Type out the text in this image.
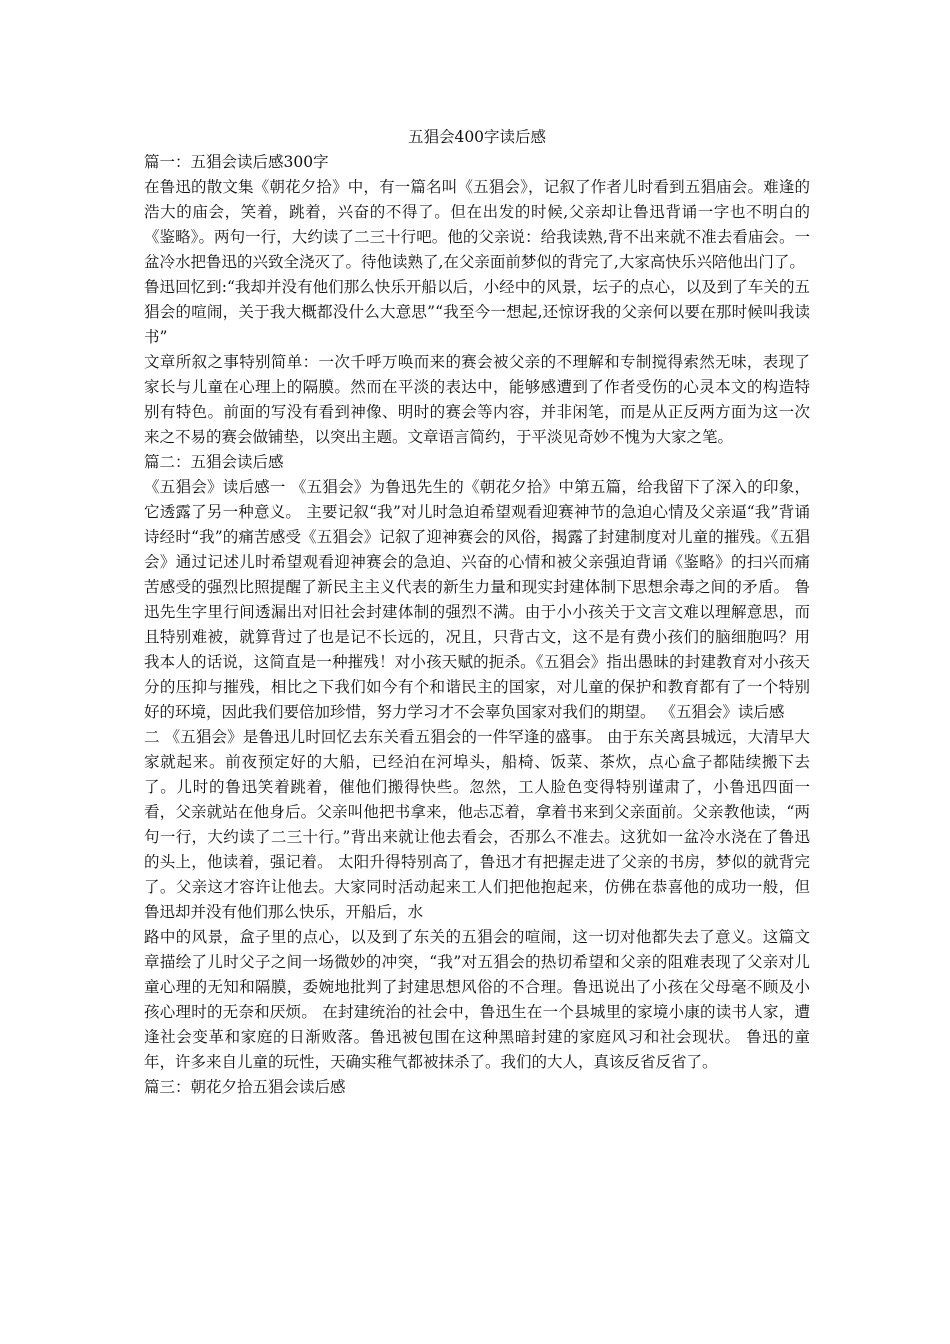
五猖会400字读后感

篇一：五猖会读后感300字

在鲁迅的散文集《朝花夕拾》中，有一篇名叫《五猖会》，记叙了作者儿时看到五猖庙会。难逢的浩大的庙会，笑着，跳着，兴奋的不得了。但在出发的时候,父亲却让鲁迅背诵一字也不明白的《鉴略》。两句一行，大约读了二三十行吧。他的父亲说：给我读熟,背不出来就不准去看庙会。一盆冷水把鲁迅的兴致全浇灭了。待他读熟了,在父亲面前梦似的背完了,大家高快乐兴陪他出门了。

鲁迅回忆到:“我却并没有他们那么快乐开船以后，小经中的风景，坛子的点心，以及到了车关的五猖会的喧闹，关于我大概都没什么大意思”“我至今一想起,还惊讶我的父亲何以要在那时候叫我读书”

文章所叙之事特别简单：一次千呼万唤而来的赛会被父亲的不理解和专制搅得索然无味，表现了家长与儿童在心理上的隔膜。然而在平淡的表达中，能够感遭到了作者受伤的心灵本文的构造特别有特色。前面的写没有看到神像、明时的赛会等内容，并非闲笔，而是从正反两方面为这一次来之不易的赛会做铺垫，以突出主题。文章语言简约，于平淡见奇妙不愧为大家之笔。

篇二：五猖会读后感

《五猖会》读后感一 《五猖会》为鲁迅先生的《朝花夕拾》中第五篇，给我留下了深入的印象，它透露了另一种意义。 主要记叙“我”对儿时急迫希望观看迎赛神节的急迫心情及父亲逼“我”背诵诗经时“我”的痛苦感受《五猖会》记叙了迎神赛会的风俗，揭露了封建制度对儿童的摧残。《五猖会》通过记述儿时希望观看迎神赛会的急迫、兴奋的心情和被父亲强迫背诵《鉴略》的扫兴而痛苦感受的强烈比照提醒了新民主主义代表的新生力量和现实封建体制下思想余毒之间的矛盾。 鲁迅先生字里行间透漏出对旧社会封建体制的强烈不满。由于小小孩关于文言文难以理解意思，而且特别难被，就算背过了也是记不长远的，况且，只背古文，这不是有费小孩们的脑细胞吗？用我本人的话说，这简直是一种摧残！对小孩天赋的扼杀。《五猖会》指出愚昧的封建教育对小孩天分的压抑与摧残，相比之下我们如今有个和谐民主的国家，对儿童的保护和教育都有了一个特别好的环境，因此我们要倍加珍惜，努力学习才不会辜负国家对我们的期望。 《五猖会》读后感

二 《五猖会》是鲁迅儿时回忆去东关看五猖会的一件罕逢的盛事。 由于东关离县城远，大清早大家就起来。前夜预定好的大船，已经泊在河埠头，船椅、饭菜、茶炊，点心盒子都陆续搬下去了。儿时的鲁迅笑着跳着，催他们搬得快些。忽然，工人脸色变得特别谨肃了，小鲁迅四面一看，父亲就站在他身后。父亲叫他把书拿来，他忐忑着，拿着书来到父亲面前。父亲教他读，“两句一行，大约读了二三十行。”背出来就让他去看会，否那么不准去。这犹如一盆冷水浇在了鲁迅的头上，他读着，强记着。 太阳升得特别高了，鲁迅才有把握走进了父亲的书房，梦似的就背完了。父亲这才容许让他去。大家同时活动起来工人们把他抱起来，仿佛在恭喜他的成功一般，但鲁迅却并没有他们那么快乐，开船后，水

路中的风景，盒子里的点心，以及到了东关的五猖会的喧闹，这一切对他都失去了意义。这篇文章描绘了儿时父子之间一场微妙的冲突，“我”对五猖会的热切希望和父亲的阻难表现了父亲对儿童心理的无知和隔膜，委婉地批判了封建思想风俗的不合理。鲁迅说出了小孩在父母毫不顾及小孩心理时的无奈和厌烦。 在封建统治的社会中，鲁迅生在一个县城里的家境小康的读书人家，遭逢社会变革和家庭的日渐败落。鲁迅被包围在这种黑暗封建的家庭风习和社会现状。 鲁迅的童年，许多来自儿童的玩性，天确实稚气都被抹杀了。我们的大人，真该反省反省了。

篇三：朝花夕拾五猖会读后感
